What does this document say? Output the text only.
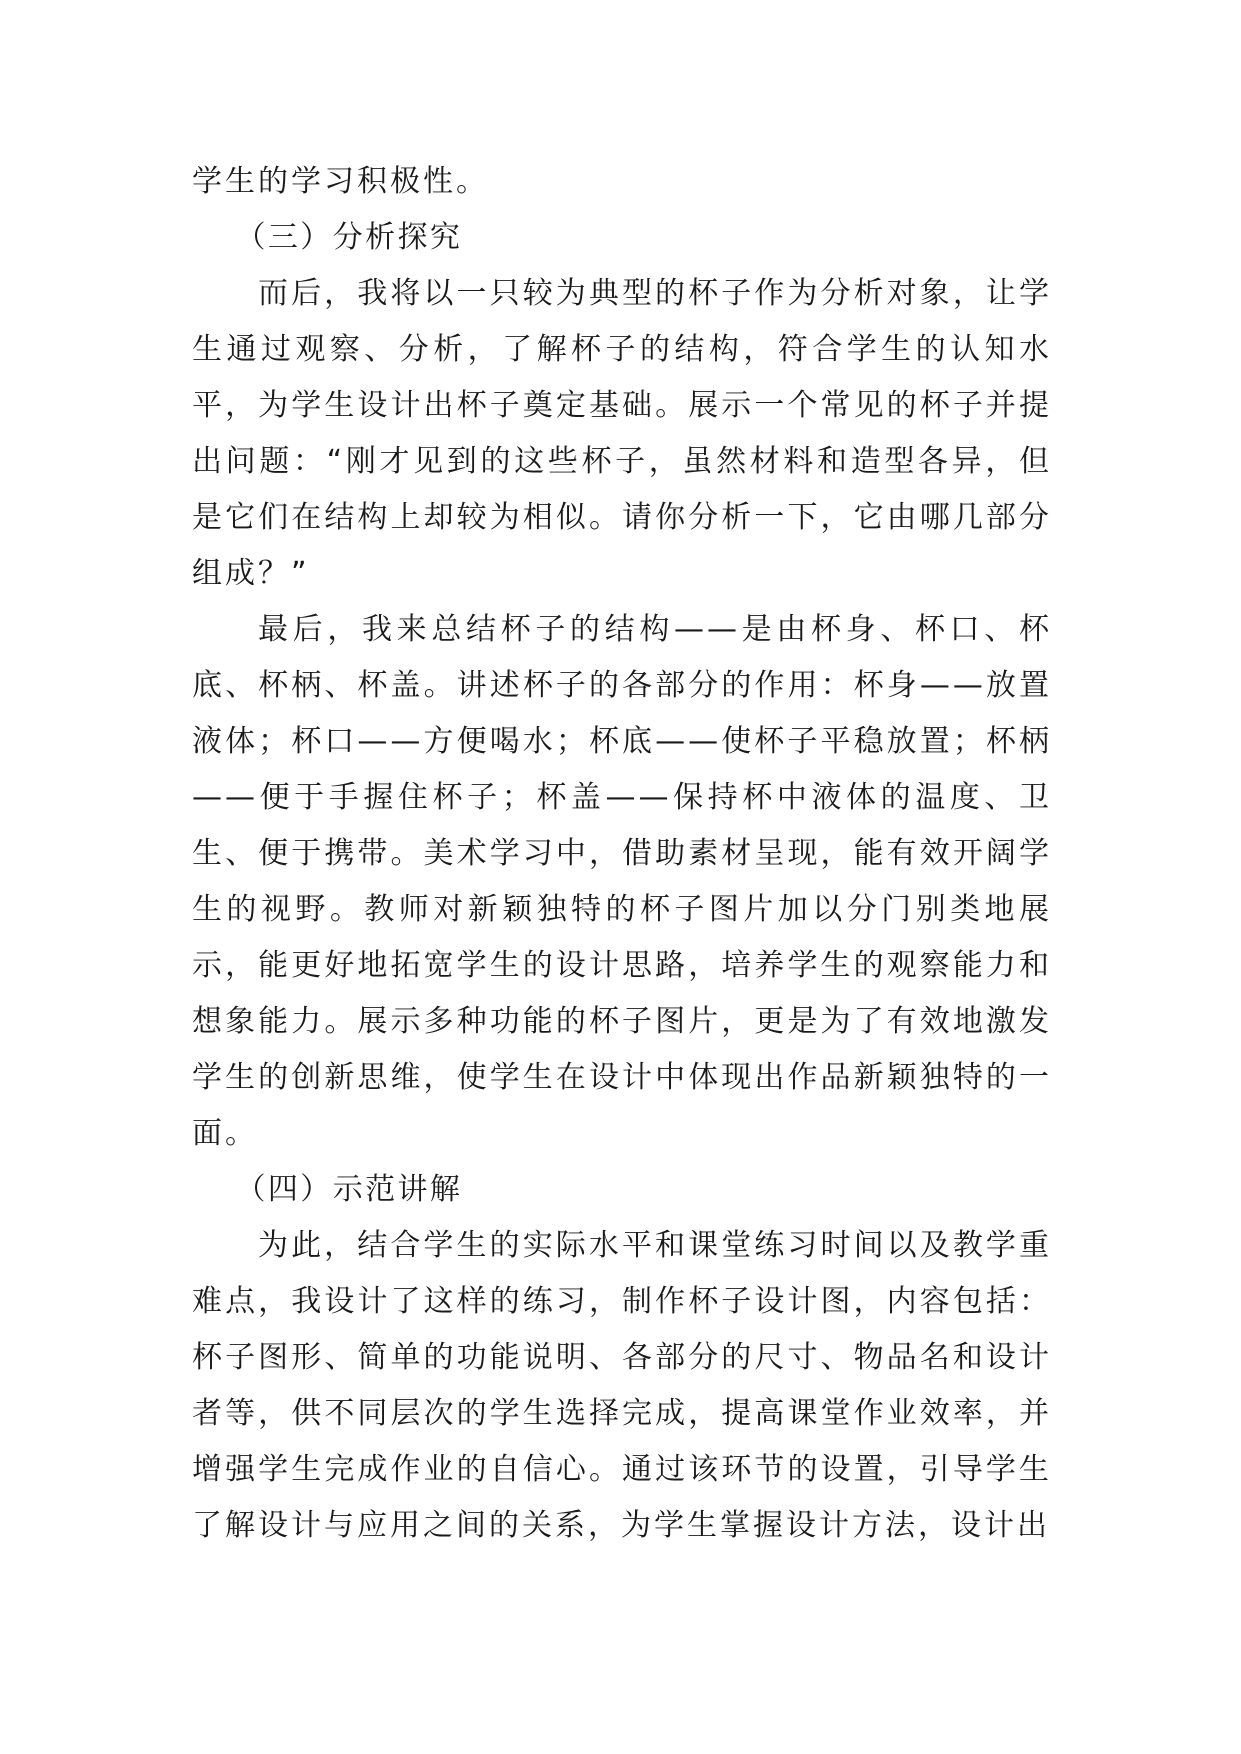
学生的学习积极性。

（三）分析探究

而后，我将以一只较为典型的杯子作为分析对象，让学生通过观察、分析，了解杯子的结构，符合学生的认知水平，为学生设计出杯子奠定基础。展示一个常见的杯子并提出问题：“刚才见到的这些杯子，虽然材料和造型各异，但是它们在结构上却较为相似。请你分析一下，它由哪几部分组成？”

最后，我来总结杯子的结构——是由杯身、杯口、杯底、杯柄、杯盖。讲述杯子的各部分的作用：杯身——放置液体；杯口——方便喝水；杯底——使杯子平稳放置；杯柄——便于手握住杯子；杯盖——保持杯中液体的温度、卫生、便于携带。美术学习中，借助素材呈现，能有效开阔学生的视野。教师对新颖独特的杯子图片加以分门别类地展示，能更好地拓宽学生的设计思路，培养学生的观察能力和想象能力。展示多种功能的杯子图片，更是为了有效地激发学生的创新思维，使学生在设计中体现出作品新颖独特的一面。

（四）示范讲解

为此，结合学生的实际水平和课堂练习时间以及教学重难点，我设计了这样的练习，制作杯子设计图，内容包括：杯子图形、简单的功能说明、各部分的尺寸、物品名和设计者等，供不同层次的学生选择完成，提高课堂作业效率，并增强学生完成作业的自信心。通过该环节的设置，引导学生了解设计与应用之间的关系，为学生掌握设计方法，设计出
